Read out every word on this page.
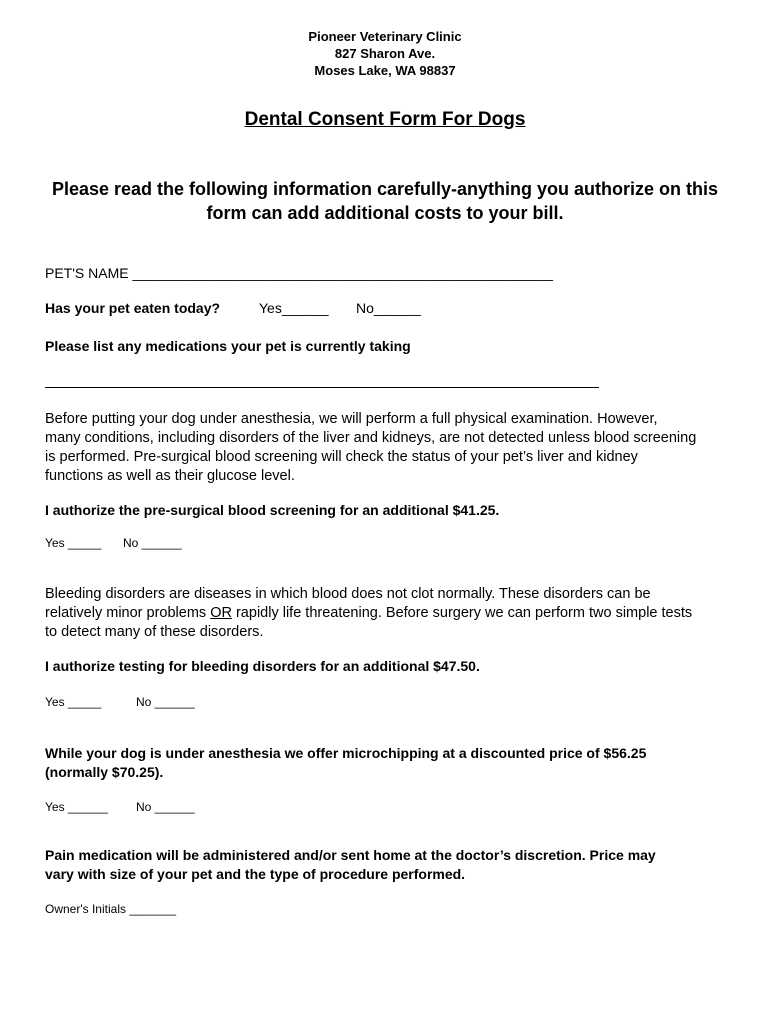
Pioneer Veterinary Clinic
827 Sharon Ave.
Moses Lake, WA 98837
Dental Consent Form For Dogs
Please read the following information carefully-anything you authorize on this form can add additional costs to your bill.
PET'S NAME ______________________________________________________
Has your pet eaten today?	Yes______ No______
Please list any medications your pet is currently taking
Before putting your dog under anesthesia, we will perform a full physical examination. However,
many conditions, including disorders of the liver and kidneys, are not detected unless blood screening
is performed. Pre-surgical blood screening will check the status of your pet’s liver and kidney
functions as well as their glucose level.
I authorize the pre-surgical blood screening for an additional $41.25.
Yes _____ No ______
Bleeding disorders are diseases in which blood does not clot normally. These disorders can be
relatively minor problems OR rapidly life threatening. Before surgery we can perform two simple tests
to detect many of these disorders.
I authorize testing for bleeding disorders for an additional $47.50.
Yes _____	No ______
While your dog is under anesthesia we offer microchipping at a discounted price of $56.25
(normally $70.25).
Yes ______ No ______
Pain medication will be administered and/or sent home at the doctor’s discretion. Price may
vary with size of your pet and the type of procedure performed.
Owner's Initials _______
